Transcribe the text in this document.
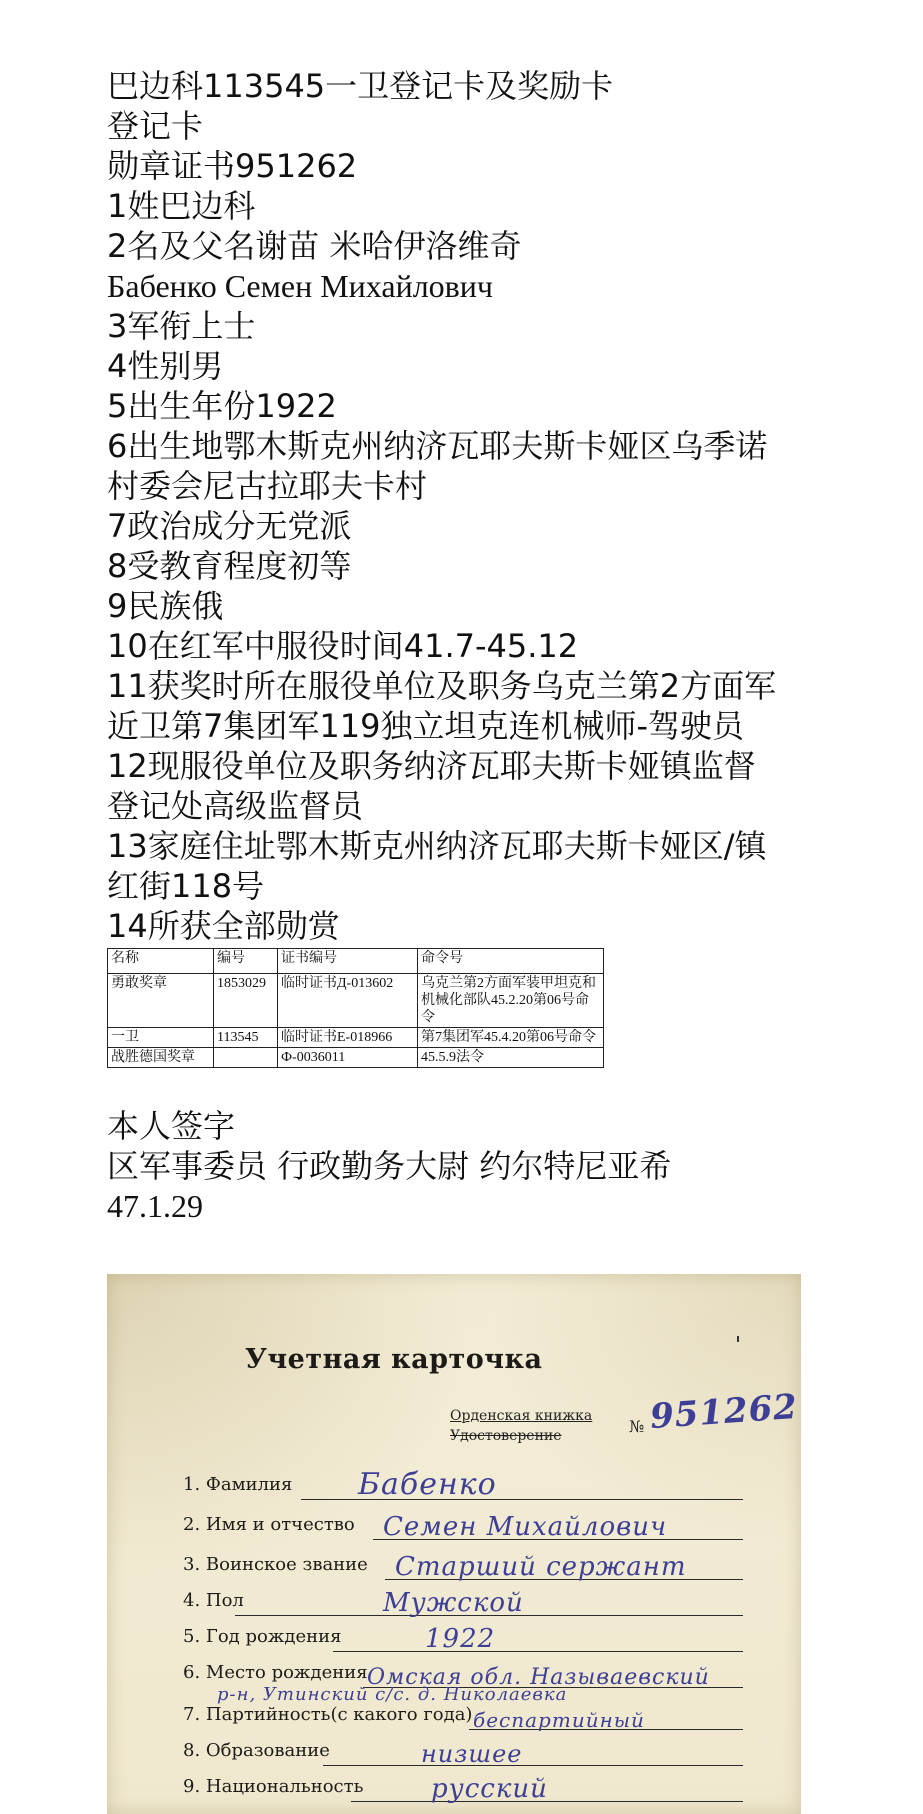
巴边科113545一卫登记卡及奖励卡

登记卡

勋章证书951262

1姓巴边科

2名及父名谢苗 米哈伊洛维奇

Бабенко Семен Михайлович

3军衔上士

4性别男

5出生年份1922

6出生地鄂木斯克州纳济瓦耶夫斯卡娅区乌季诺

村委会尼古拉耶夫卡村

7政治成分无党派

8受教育程度初等

9民族俄

10在红军中服役时间41.7-45.12

11获奖时所在服役单位及职务乌克兰第2方面军

近卫第7集团军119独立坦克连机械师-驾驶员

12现服役单位及职务纳济瓦耶夫斯卡娅镇监督

登记处高级监督员

13家庭住址鄂木斯克州纳济瓦耶夫斯卡娅区/镇

红街118号

14所获全部勋赏

名称	编号	证书编号	命令号
勇敢奖章	1853029	临时证书Д-013602	乌克兰第2方面军装甲坦克和机械化部队45.2.20第06号命令
一卫	113545	临时证书E-018966	第7集团军45.4.20第06号命令
战胜德国奖章		Ф-0036011	45.5.9法令

本人签字

区军事委员 行政勤务大尉 约尔特尼亚希

47.1.29

Учетная карточка
Орденская книжка
Удостоверение	№ 951262
1. Фамилия Бабенко
2. Имя и отчество Семен Михайлович
3. Воинское звание Старший сержант
4. Пол	Мужской
5. Год рождения	1922
6. Место рождения Омская обл. Называевский
р-н, Утинский с/с. д. Николаевка
7. Партийность(с какого года) беспартийный
8. Образование	низшее
9. Национальность	русский
